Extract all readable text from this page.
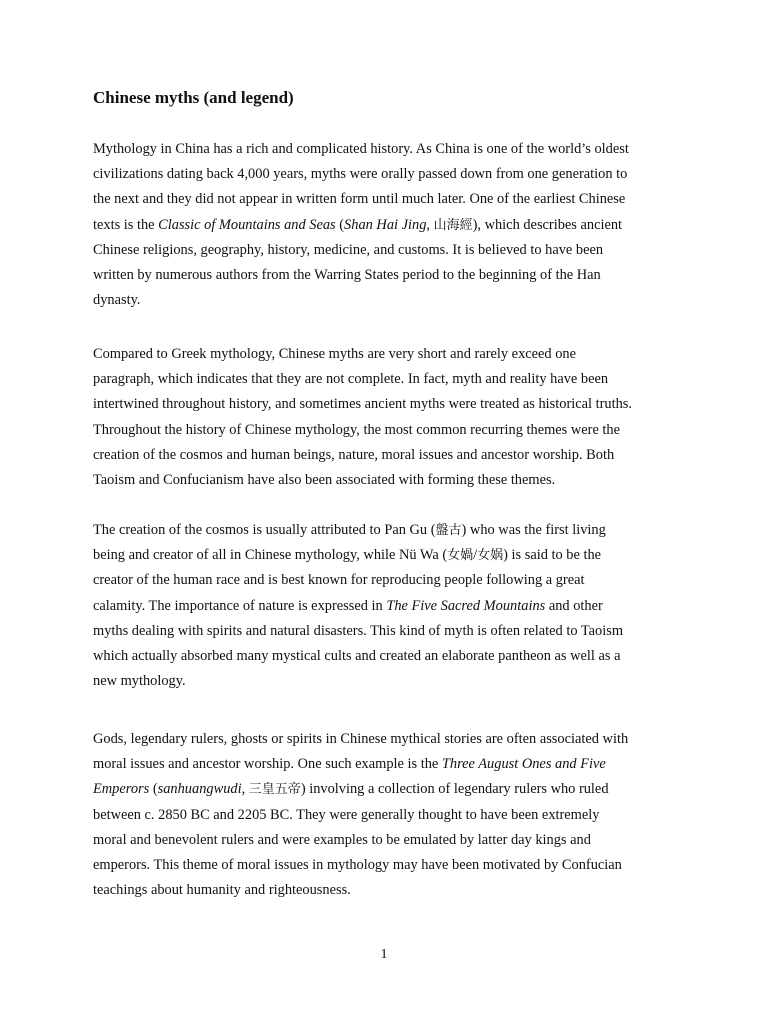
Chinese myths (and legend)

Mythology in China has a rich and complicated history. As China is one of the world’s oldest
civilizations dating back 4,000 years, myths were orally passed down from one generation to
the next and they did not appear in written form until much later. One of the earliest Chinese
texts is the Classic of Mountains and Seas (Shan Hai Jing, 山海經), which describes ancient
Chinese religions, geography, history, medicine, and customs. It is believed to have been
written by numerous authors from the Warring States period to the beginning of the Han
dynasty.

Compared to Greek mythology, Chinese myths are very short and rarely exceed one
paragraph, which indicates that they are not complete. In fact, myth and reality have been
intertwined throughout history, and sometimes ancient myths were treated as historical truths.
Throughout the history of Chinese mythology, the most common recurring themes were the
creation of the cosmos and human beings, nature, moral issues and ancestor worship. Both
Taoism and Confucianism have also been associated with forming these themes.

The creation of the cosmos is usually attributed to Pan Gu (盤古) who was the first living
being and creator of all in Chinese mythology, while Nü Wa (女媧/女娲) is said to be the
creator of the human race and is best known for reproducing people following a great
calamity. The importance of nature is expressed in The Five Sacred Mountains and other
myths dealing with spirits and natural disasters. This kind of myth is often related to Taoism
which actually absorbed many mystical cults and created an elaborate pantheon as well as a
new mythology.

Gods, legendary rulers, ghosts or spirits in Chinese mythical stories are often associated with
moral issues and ancestor worship. One such example is the Three August Ones and Five
Emperors (sanhuangwudi, 三皇五帝) involving a collection of legendary rulers who ruled
between c. 2850 BC and 2205 BC. They were generally thought to have been extremely
moral and benevolent rulers and were examples to be emulated by latter day kings and
emperors. This theme of moral issues in mythology may have been motivated by Confucian
teachings about humanity and righteousness.

1
